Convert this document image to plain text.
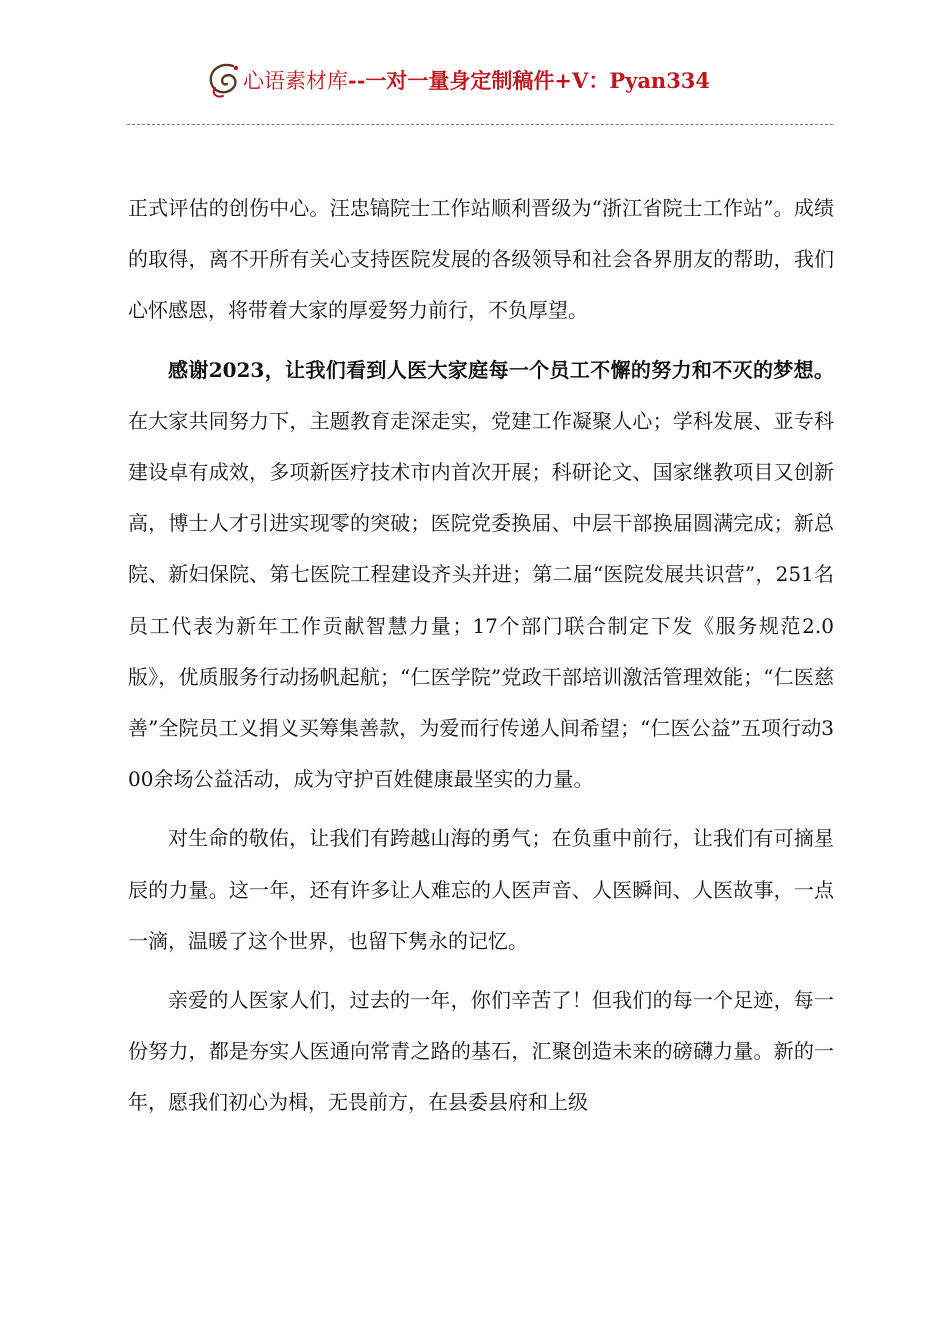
心语素材库 --一对一量身定制稿件+V：Pyan334

正式评估的创伤中心。汪忠镐院士工作站顺利晋级为“浙江省院士工作站”。成绩的取得，离不开所有关心支持医院发展的各级领导和社会各界朋友的帮助，我们心怀感恩，将带着大家的厚爱努力前行，不负厚望。

感谢2023，让我们看到人医大家庭每一个员工不懈的努力和不灭的梦想。在大家共同努力下，主题教育走深走实，党建工作凝聚人心；学科发展、亚专科建设卓有成效，多项新医疗技术市内首次开展；科研论文、国家继教项目又创新高，博士人才引进实现零的突破；医院党委换届、中层干部换届圆满完成；新总院、新妇保院、第七医院工程建设齐头并进；第二届“医院发展共识营”，251名员工代表为新年工作贡献智慧力量；17个部门联合制定下发《服务规范2.0版》，优质服务行动扬帆起航；“仁医学院”党政干部培训激活管理效能；“仁医慈善”全院员工义捐义买筹集善款，为爱而行传递人间希望；“仁医公益”五项行动300余场公益活动，成为守护百姓健康最坚实的力量。

对生命的敬佑，让我们有跨越山海的勇气；在负重中前行，让我们有可摘星辰的力量。这一年，还有许多让人难忘的人医声音、人医瞬间、人医故事，一点一滴，温暖了这个世界，也留下隽永的记忆。

亲爱的人医家人们，过去的一年，你们辛苦了！但我们的每一个足迹，每一份努力，都是夯实人医通向常青之路的基石，汇聚创造未来的磅礴力量。新的一年，愿我们初心为楫，无畏前方，在县委县府和上级
